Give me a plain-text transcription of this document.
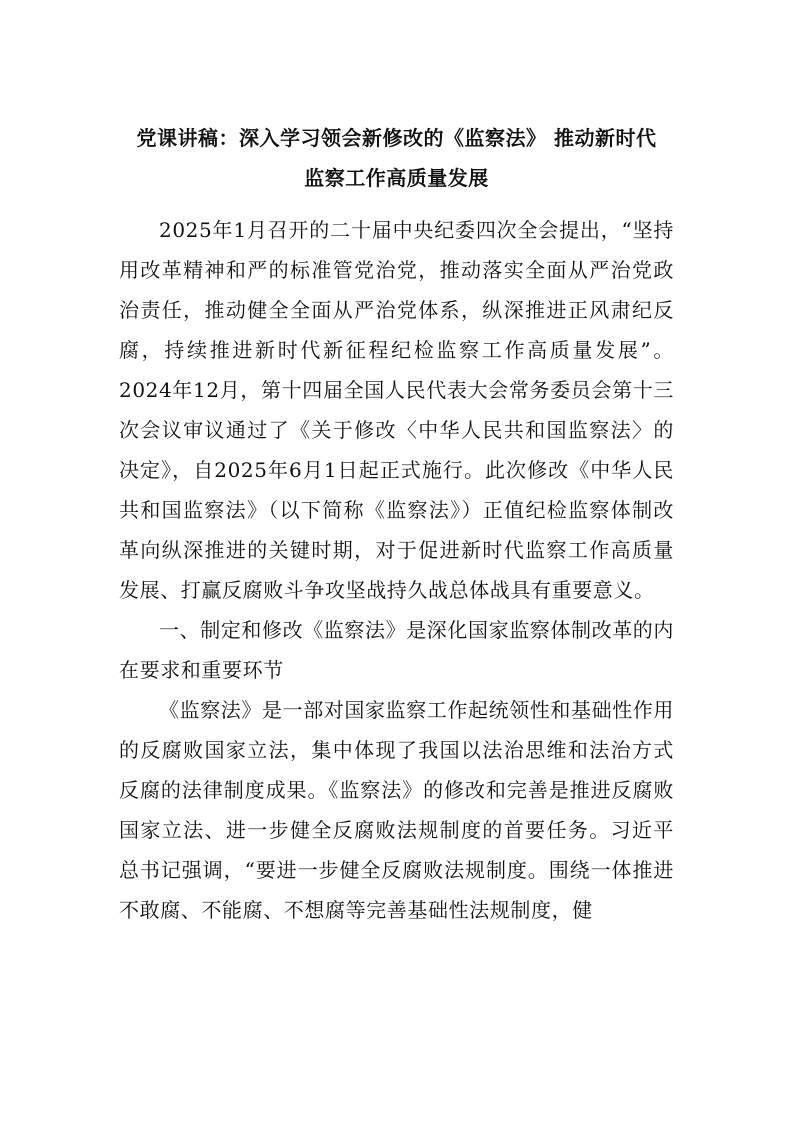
党课讲稿：深入学习领会新修改的《监察法》 推动新时代
监察工作高质量发展

2025年1月召开的二十届中央纪委四次全会提出，“坚持用改革精神和严的标准管党治党，推动落实全面从严治党政治责任，推动健全全面从严治党体系，纵深推进正风肃纪反腐，持续推进新时代新征程纪检监察工作高质量发展”。2024年12月，第十四届全国人民代表大会常务委员会第十三次会议审议通过了《关于修改〈中华人民共和国监察法〉的决定》，自2025年6月1日起正式施行。此次修改《中华人民共和国监察法》（以下简称《监察法》）正值纪检监察体制改革向纵深推进的关键时期，对于促进新时代监察工作高质量发展、打赢反腐败斗争攻坚战持久战总体战具有重要意义。

一、制定和修改《监察法》是深化国家监察体制改革的内在要求和重要环节

《监察法》是一部对国家监察工作起统领性和基础性作用的反腐败国家立法，集中体现了我国以法治思维和法治方式反腐的法律制度成果。《监察法》的修改和完善是推进反腐败国家立法、进一步健全反腐败法规制度的首要任务。习近平总书记强调，“要进一步健全反腐败法规制度。围绕一体推进不敢腐、不能腐、不想腐等完善基础性法规制度，健
